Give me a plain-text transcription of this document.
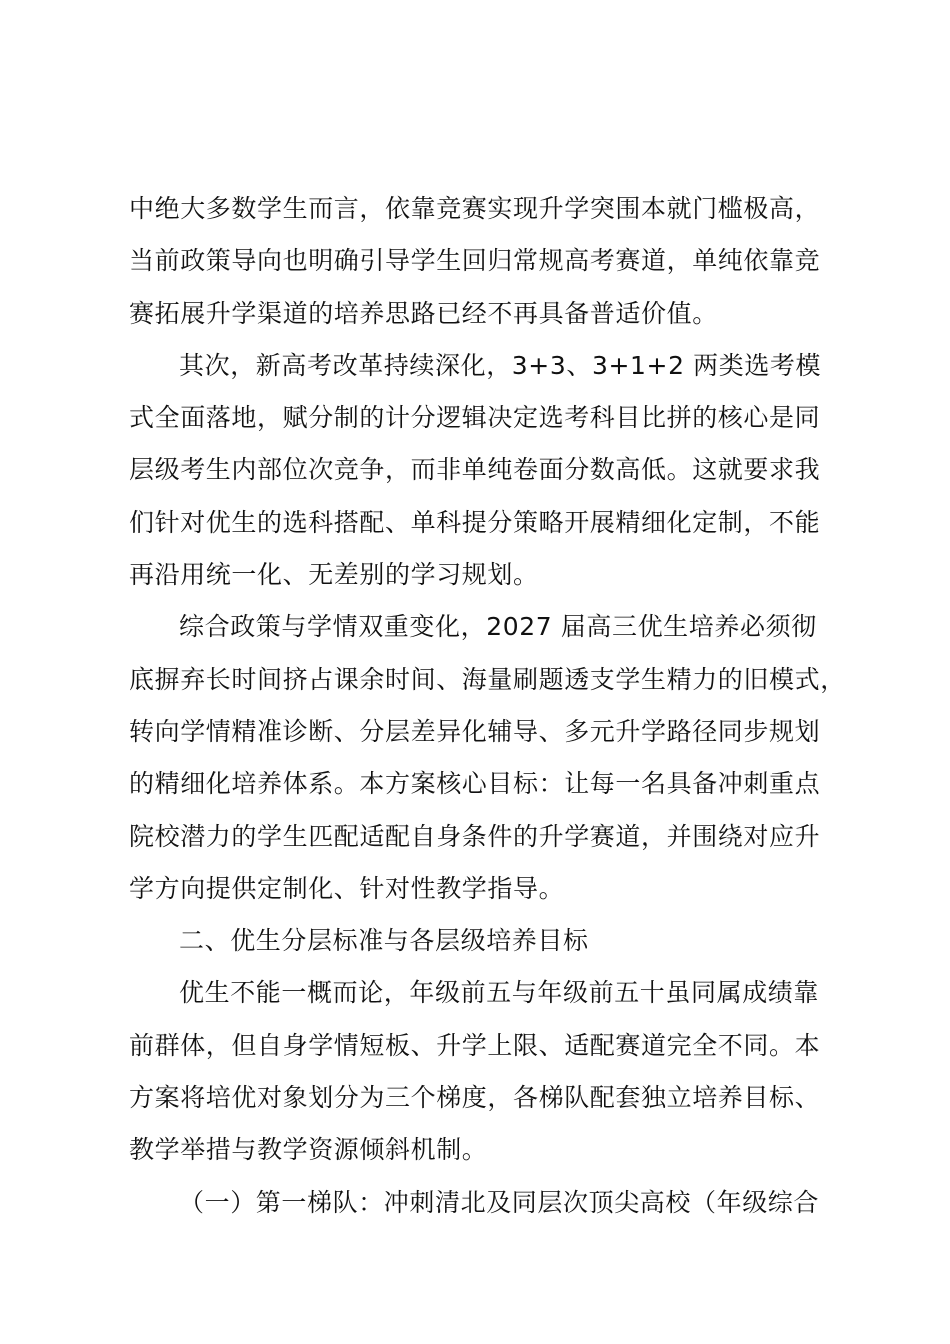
中绝大多数学生而言，依靠竞赛实现升学突围本就门槛极高，
当前政策导向也明确引导学生回归常规高考赛道，单纯依靠竞
赛拓展升学渠道的培养思路已经不再具备普适价值。
其次，新高考改革持续深化，3+3、3+1+2 两类选考模
式全面落地，赋分制的计分逻辑决定选考科目比拼的核心是同
层级考生内部位次竞争，而非单纯卷面分数高低。这就要求我
们针对优生的选科搭配、单科提分策略开展精细化定制，不能
再沿用统一化、无差别的学习规划。
综合政策与学情双重变化，2027 届高三优生培养必须彻
底摒弃长时间挤占课余时间、海量刷题透支学生精力的旧模式，
转向学情精准诊断、分层差异化辅导、多元升学路径同步规划
的精细化培养体系。本方案核心目标：让每一名具备冲刺重点
院校潜力的学生匹配适配自身条件的升学赛道，并围绕对应升
学方向提供定制化、针对性教学指导。
二、优生分层标准与各层级培养目标
优生不能一概而论，年级前五与年级前五十虽同属成绩靠
前群体，但自身学情短板、升学上限、适配赛道完全不同。本
方案将培优对象划分为三个梯度，各梯队配套独立培养目标、
教学举措与教学资源倾斜机制。
（一）第一梯队：冲刺清北及同层次顶尖高校（年级综合
